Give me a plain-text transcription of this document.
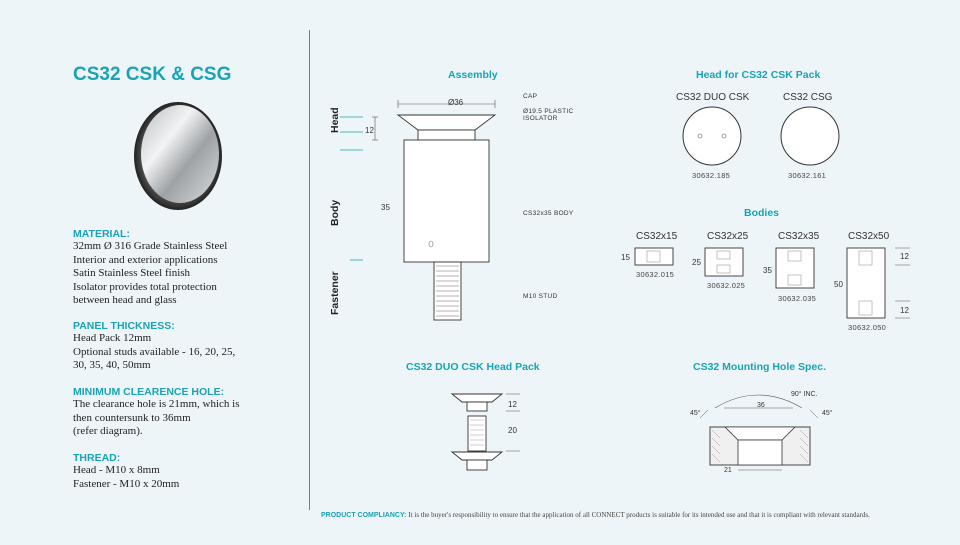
CS32 CSK & CSG
MATERIAL:
32mm Ø 316 Grade Stainless Steel
Interior and exterior applications
Satin Stainless Steel finish
Isolator provides total protection
between head and glass
PANEL THICKNESS:
Head Pack 12mm
Optional studs available - 16, 20, 25,
30, 35, 40, 50mm
MINIMUM CLEARENCE HOLE:
The clearance hole is 21mm, which is
then countersunk to 36mm
(refer diagram).
THREAD:
Head - M10 x 8mm
Fastener - M10 x 20mm
Assembly
Head
Body
Fastener
Ø36
12
35
CAP
Ø19.5 PLASTIC
ISOLATOR
CS32x35 BODY
M10 STUD
Head for CS32 CSK Pack
CS32 DUO CSK	CS32 CSG
30632.185	30632.161
Bodies
CS32x15	CS32x25	CS32x35	CS32x50
15
25
35
50
12
12
30632.015
30632.025
30632.035
30632.050
CS32 DUO CSK Head Pack
12
20
CS32 Mounting Hole Spec.
90° INC.
45°	45°
36
21
PRODUCT COMPLIANCY: It is the buyer's responsibility to ensure that the application of all CONNECT products is suitable for its intended use and that it is compliant with relevant standards.
